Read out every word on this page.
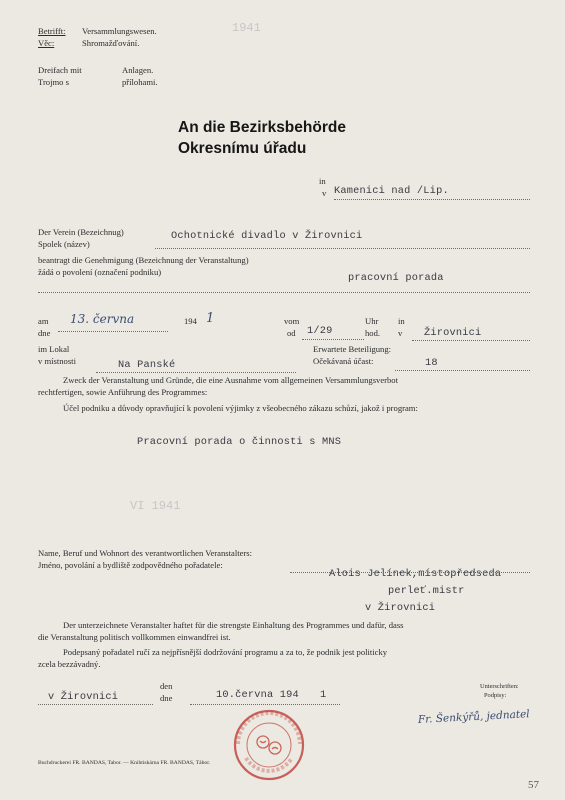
Betrifft: Versammlungswesen.
Věc:	Shromažďování.
1941
Dreifach mit
Trojmo s
Anlagen.
přílohami.
An die Bezirksbehörde
Okresnímu úřadu
in
v Kamenici nad /Lip.
Der Verein (Bezeichnug)
Spolek (název)
Ochotnické divadlo v Žirovnici
beantragt die Genehmigung (Bezeichnung der Veranstaltung)
žádá o povolení (označení podniku)	pracovní porada
am
dne
13. června	194 1	vom
od 1/29
Uhr
hod.
in
v Žirovnici
im Lokal
v místnosti	Na Panské
Erwartete Beteiligung:
Očekávaná účast:	18
Zweck der Veranstaltung und Gründe, die eine Ausnahme vom allgemeinen Versammlungsverbot
rechtfertigen, sowie Anführung des Programmes:
Účel podniku a důvody opravňující k povolení výjimky z všeobecného zákazu schůzí, jakož i program:
Pracovní porada o činnosti s MNS
VI 1941
Name, Beruf und Wohnort des verantwortlichen Veranstalters:
Jméno, povolání a bydliště zodpovědného pořadatele:
Alois Jelínek,místopředseda
perleť.mistr
v Žirovnici
Der unterzeichnete Veranstalter haftet für die strengste Einhaltung des Programmes und dafür, dass
die Veranstaltung politisch vollkommen einwandfrei ist.
Podepsaný pořadatel ručí za nejpřísnější dodržování programu a za to, že podnik jest politicky
zcela bezzávadný.
v Žirovnici
den
dne	10.června 194 1
Unterschriften:
Podpisy:
Fr. Šenkýřů, jednatel
Buchdruckerei FR. BANDAS, Tabor. — Knihtiskárna FR. BANDAS, Tábor.
57
